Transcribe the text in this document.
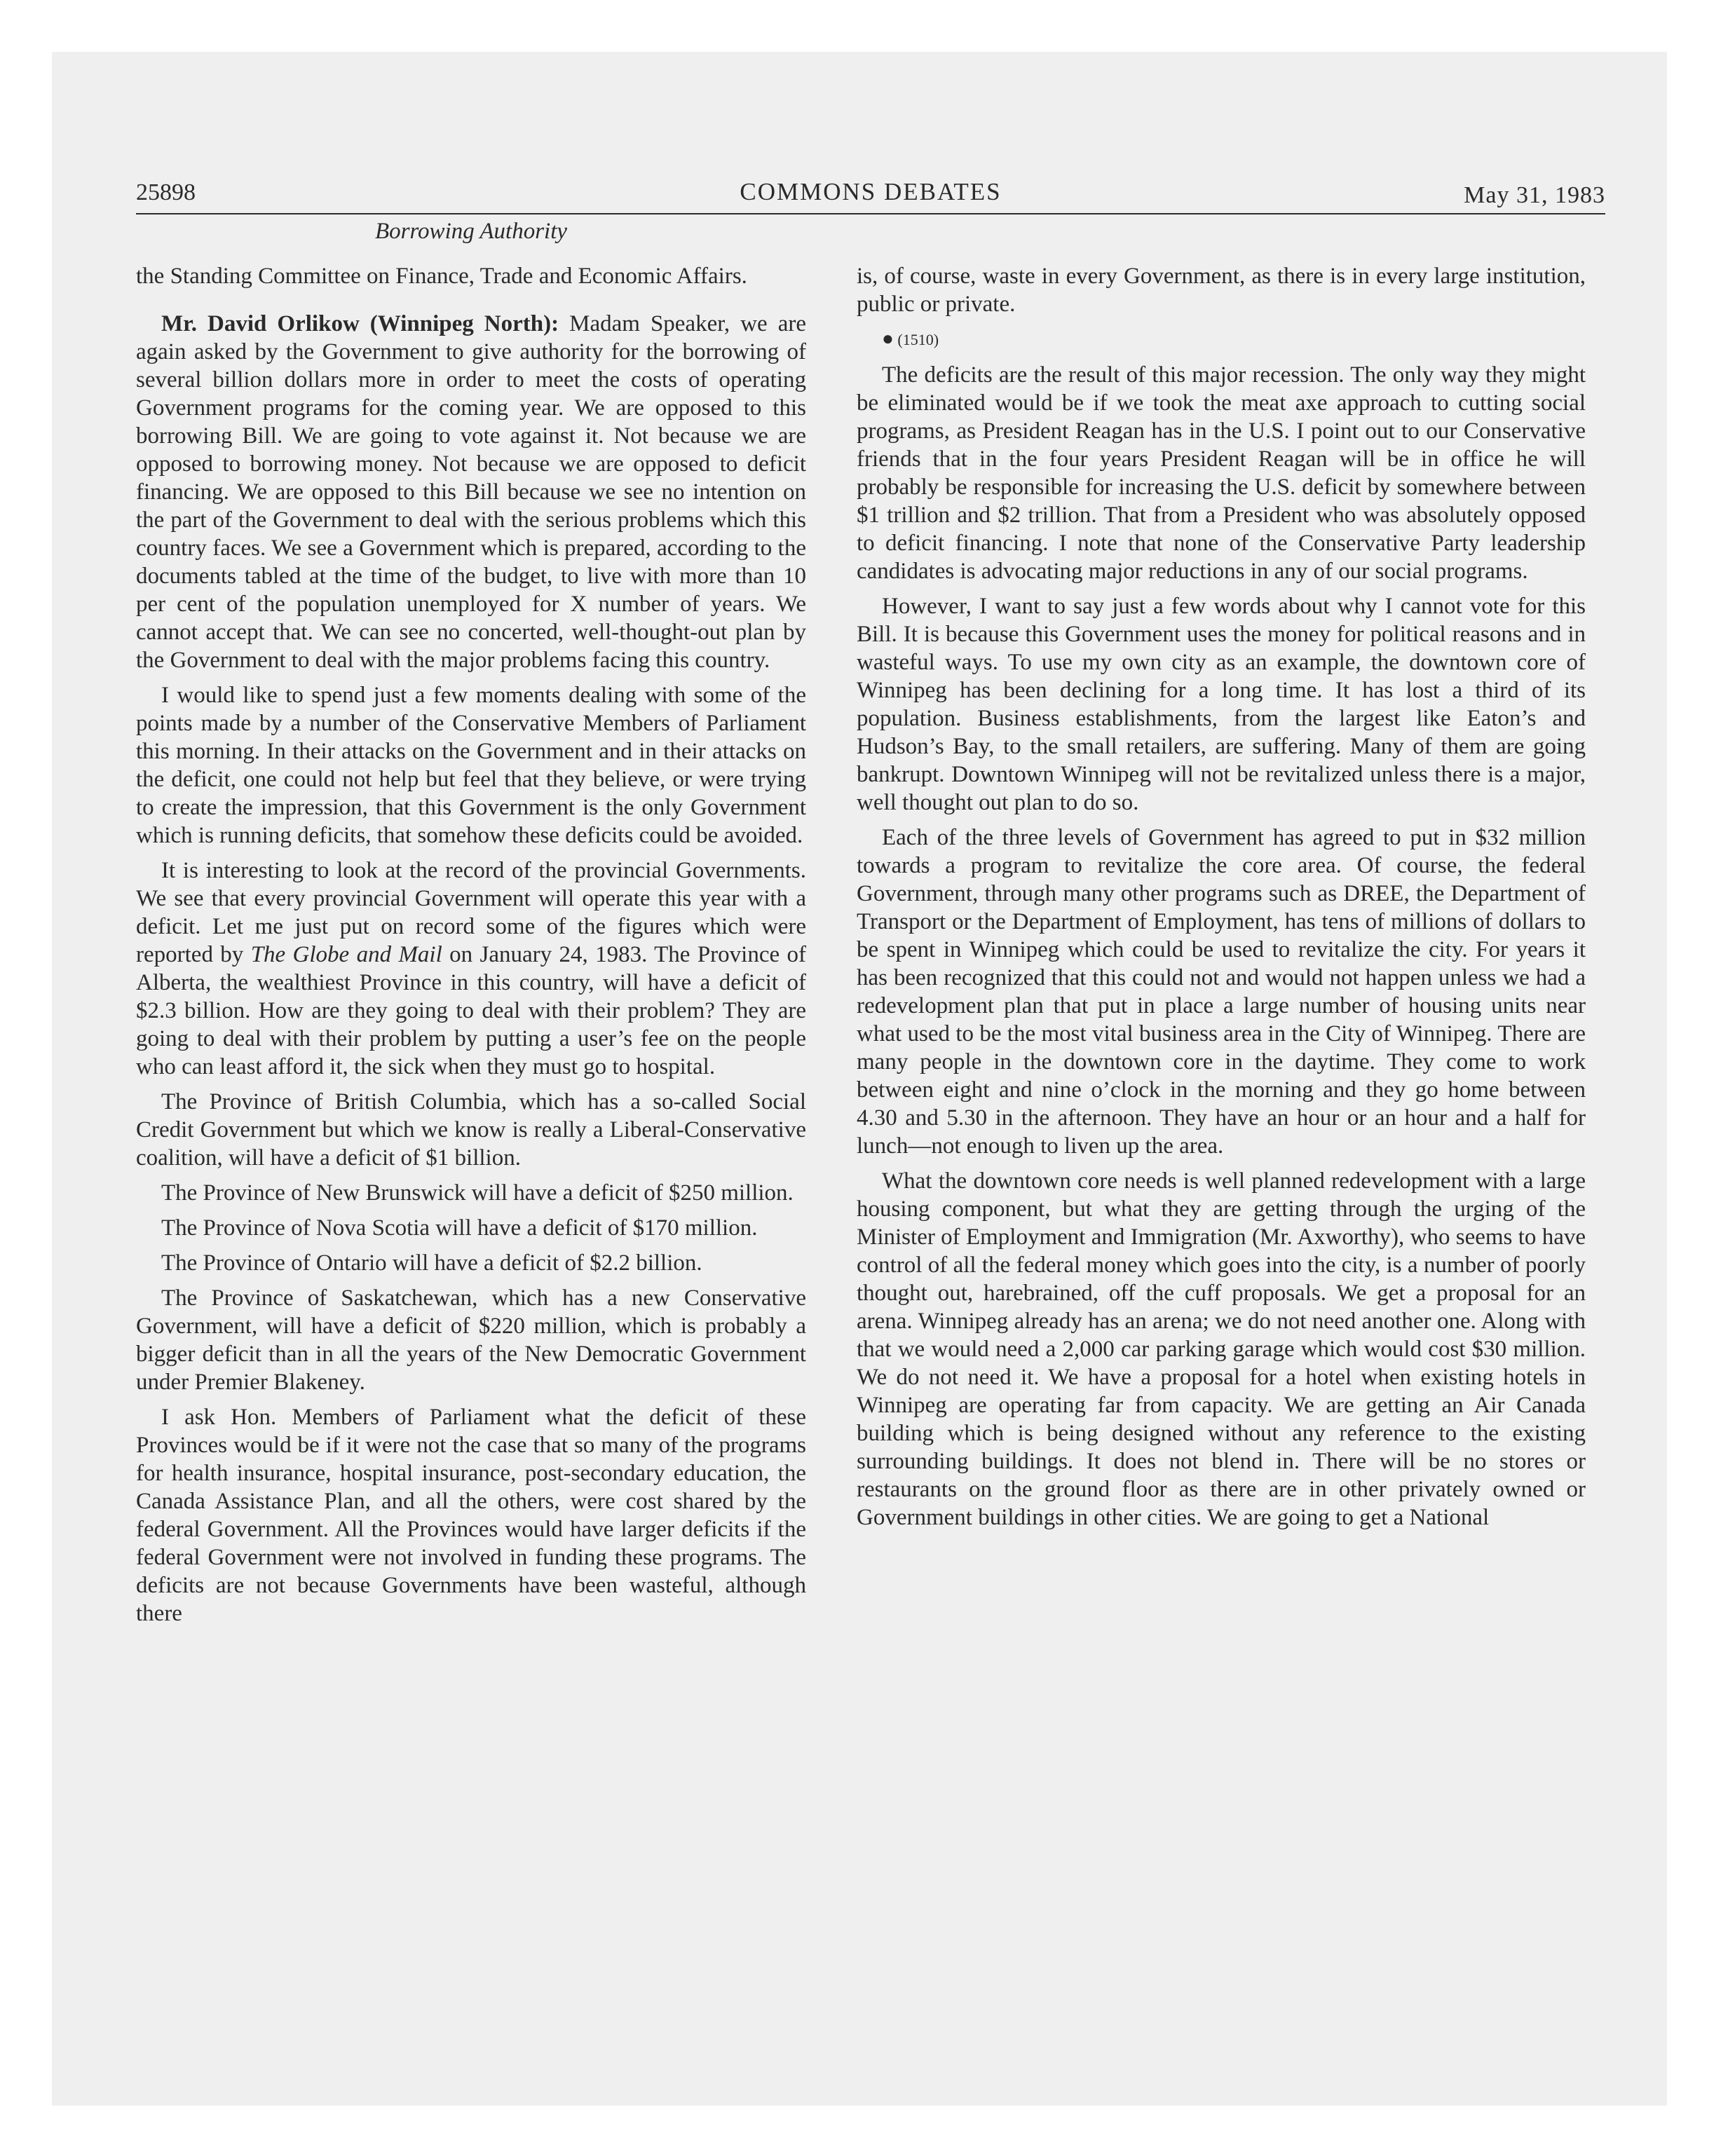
25898	COMMONS DEBATES	May 31, 1983
Borrowing Authority

the Standing Committee on Finance, Trade and Economic Affairs.

Mr. David Orlikow (Winnipeg North): Madam Speaker, we are again asked by the Government to give authority for the borrowing of several billion dollars more in order to meet the costs of operating Government programs for the coming year. We are opposed to this borrowing Bill. We are going to vote against it. Not because we are opposed to borrowing money. Not because we are opposed to deficit financing. We are opposed to this Bill because we see no intention on the part of the Government to deal with the serious problems which this country faces. We see a Government which is prepared, according to the documents tabled at the time of the budget, to live with more than 10 per cent of the population unemployed for X number of years. We cannot accept that. We can see no concerted, well-thought-out plan by the Government to deal with the major problems facing this country.

I would like to spend just a few moments dealing with some of the points made by a number of the Conservative Members of Parliament this morning. In their attacks on the Government and in their attacks on the deficit, one could not help but feel that they believe, or were trying to create the impression, that this Government is the only Government which is running deficits, that somehow these deficits could be avoided.

It is interesting to look at the record of the provincial Governments. We see that every provincial Government will operate this year with a deficit. Let me just put on record some of the figures which were reported by The Globe and Mail on January 24, 1983. The Province of Alberta, the wealthiest Province in this country, will have a deficit of $2.3 billion. How are they going to deal with their problem? They are going to deal with their problem by putting a user’s fee on the people who can least afford it, the sick when they must go to hospital.

The Province of British Columbia, which has a so-called Social Credit Government but which we know is really a Liberal-Conservative coalition, will have a deficit of $1 billion.

The Province of New Brunswick will have a deficit of $250 million.

The Province of Nova Scotia will have a deficit of $170 million.

The Province of Ontario will have a deficit of $2.2 billion.

The Province of Saskatchewan, which has a new Conservative Government, will have a deficit of $220 million, which is probably a bigger deficit than in all the years of the New Democratic Government under Premier Blakeney.

I ask Hon. Members of Parliament what the deficit of these Provinces would be if it were not the case that so many of the programs for health insurance, hospital insurance, post-secondary education, the Canada Assistance Plan, and all the others, were cost shared by the federal Government. All the Provinces would have larger deficits if the federal Government were not involved in funding these programs. The deficits are not because Governments have been wasteful, although there

is, of course, waste in every Government, as there is in every large institution, public or private.

● (1510)

The deficits are the result of this major recession. The only way they might be eliminated would be if we took the meat axe approach to cutting social programs, as President Reagan has in the U.S. I point out to our Conservative friends that in the four years President Reagan will be in office he will probably be responsible for increasing the U.S. deficit by somewhere between $1 trillion and $2 trillion. That from a President who was absolutely opposed to deficit financing. I note that none of the Conservative Party leadership candidates is advocating major reductions in any of our social programs.

However, I want to say just a few words about why I cannot vote for this Bill. It is because this Government uses the money for political reasons and in wasteful ways. To use my own city as an example, the downtown core of Winnipeg has been declining for a long time. It has lost a third of its population. Business establishments, from the largest like Eaton’s and Hudson’s Bay, to the small retailers, are suffering. Many of them are going bankrupt. Downtown Winnipeg will not be revitalized unless there is a major, well thought out plan to do so.

Each of the three levels of Government has agreed to put in $32 million towards a program to revitalize the core area. Of course, the federal Government, through many other programs such as DREE, the Department of Transport or the Department of Employment, has tens of millions of dollars to be spent in Winnipeg which could be used to revitalize the city. For years it has been recognized that this could not and would not happen unless we had a redevelopment plan that put in place a large number of housing units near what used to be the most vital business area in the City of Winnipeg. There are many people in the downtown core in the daytime. They come to work between eight and nine o’clock in the morning and they go home between 4.30 and 5.30 in the afternoon. They have an hour or an hour and a half for lunch—not enough to liven up the area.

What the downtown core needs is well planned redevelopment with a large housing component, but what they are getting through the urging of the Minister of Employment and Immigration (Mr. Axworthy), who seems to have control of all the federal money which goes into the city, is a number of poorly thought out, harebrained, off the cuff proposals. We get a proposal for an arena. Winnipeg already has an arena; we do not need another one. Along with that we would need a 2,000 car parking garage which would cost $30 million. We do not need it. We have a proposal for a hotel when existing hotels in Winnipeg are operating far from capacity. We are getting an Air Canada building which is being designed without any reference to the existing surrounding buildings. It does not blend in. There will be no stores or restaurants on the ground floor as there are in other privately owned or Government buildings in other cities. We are going to get a National
